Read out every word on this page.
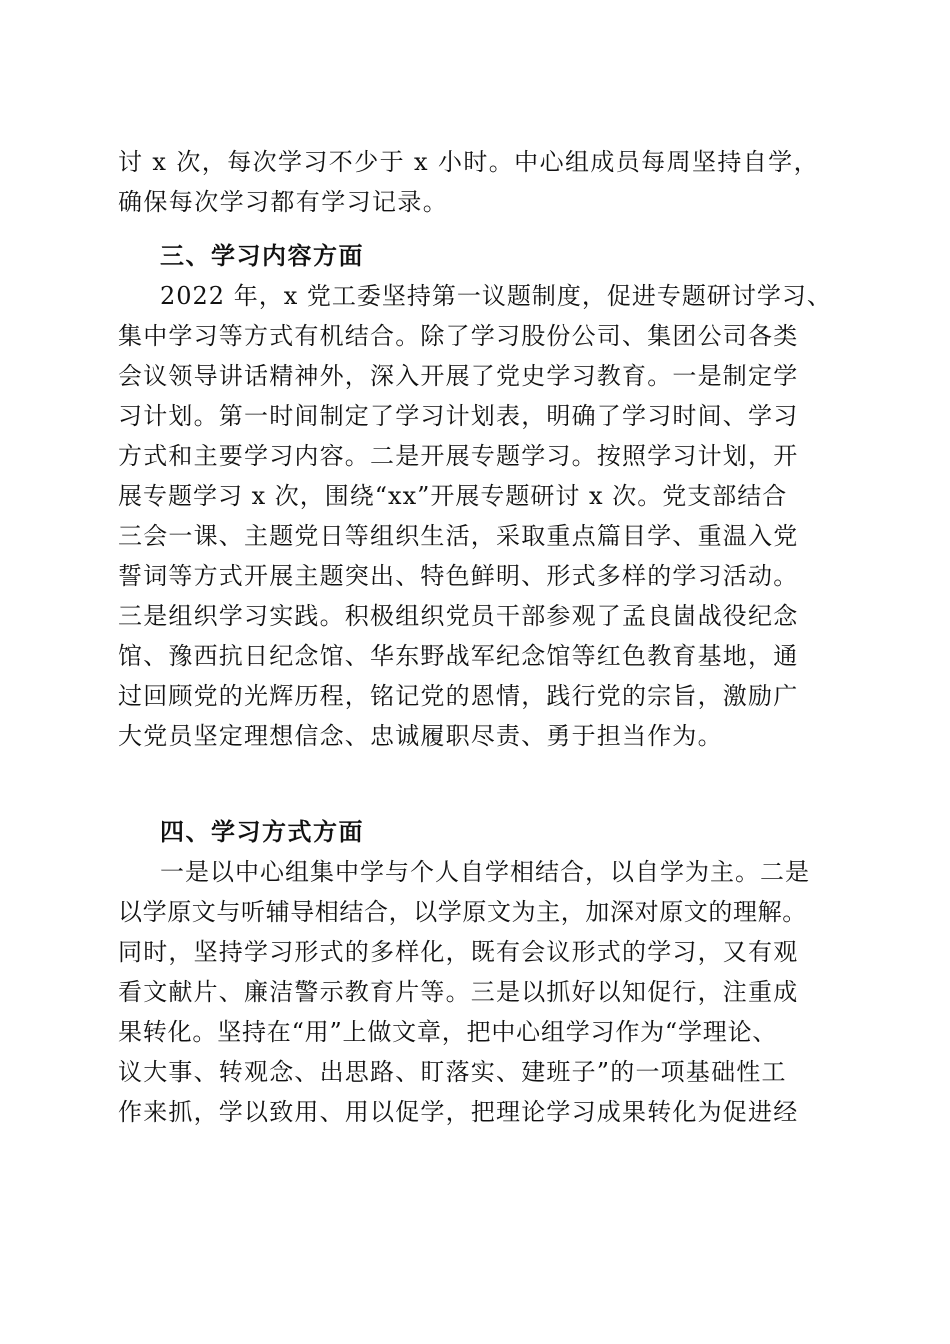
讨 x 次，每次学习不少于 x 小时。中心组成员每周坚持自学，
确保每次学习都有学习记录。
三、学习内容方面
2022 年，x 党工委坚持第一议题制度，促进专题研讨学习、
集中学习等方式有机结合。除了学习股份公司、集团公司各类
会议领导讲话精神外，深入开展了党史学习教育。一是制定学
习计划。第一时间制定了学习计划表，明确了学习时间、学习
方式和主要学习内容。二是开展专题学习。按照学习计划，开
展专题学习 x 次，围绕“xx”开展专题研讨 x 次。党支部结合
三会一课、主题党日等组织生活，采取重点篇目学、重温入党
誓词等方式开展主题突出、特色鲜明、形式多样的学习活动。
三是组织学习实践。积极组织党员干部参观了孟良崮战役纪念
馆、豫西抗日纪念馆、华东野战军纪念馆等红色教育基地，通
过回顾党的光辉历程，铭记党的恩情，践行党的宗旨，激励广
大党员坚定理想信念、忠诚履职尽责、勇于担当作为。
四、学习方式方面
一是以中心组集中学与个人自学相结合，以自学为主。二是
以学原文与听辅导相结合，以学原文为主，加深对原文的理解。
同时，坚持学习形式的多样化，既有会议形式的学习，又有观
看文献片、廉洁警示教育片等。三是以抓好以知促行，注重成
果转化。坚持在“用”上做文章，把中心组学习作为“学理论、
议大事、转观念、出思路、盯落实、建班子”的一项基础性工
作来抓，学以致用、用以促学，把理论学习成果转化为促进经
